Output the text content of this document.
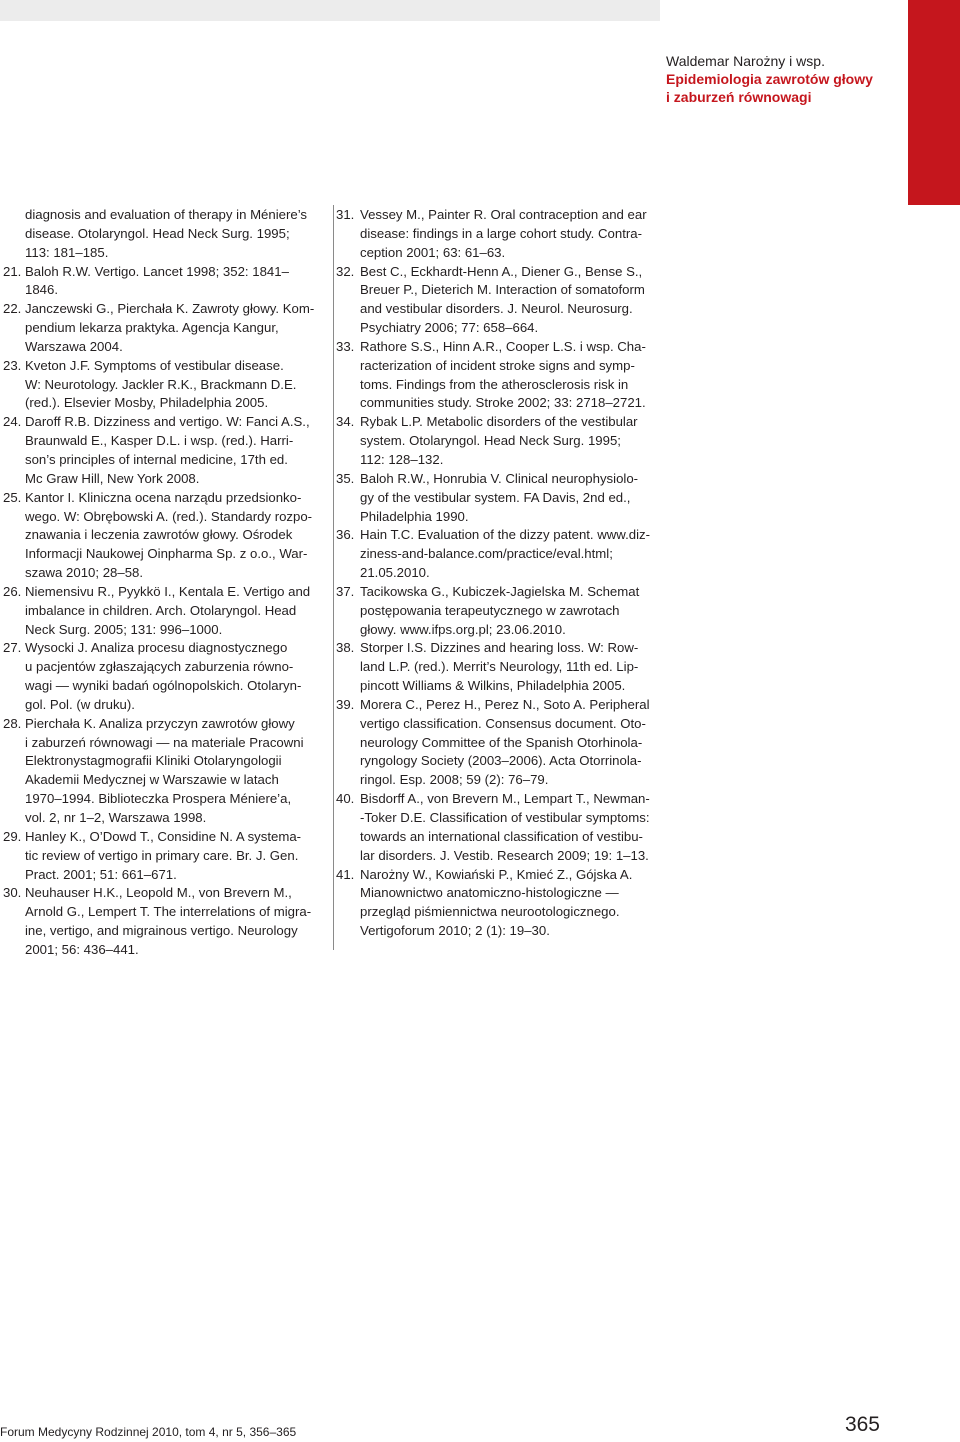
Waldemar Narożny i wsp.
Epidemiologia zawrotów głowy
i zaburzeń równowagi
diagnosis and evaluation of therapy in Méniere’s
disease. Otolaryngol. Head Neck Surg. 1995;
113: 181–185.
21. Baloh R.W. Vertigo. Lancet 1998; 352: 1841–1846.
22. Janczewski G., Pierchała K. Zawroty głowy. Kom-
pendium lekarza praktyka. Agencja Kangur,
Warszawa 2004.
23. Kveton J.F. Symptoms of vestibular disease.
W: Neurotology. Jackler R.K., Brackmann D.E.
(red.). Elsevier Mosby, Philadelphia 2005.
24. Daroff R.B. Dizziness and vertigo. W: Fanci A.S.,
Braunwald E., Kasper D.L. i wsp. (red.). Harri-
son’s principles of internal medicine, 17th ed.
Mc Graw Hill, New York 2008.
25. Kantor I. Kliniczna ocena narządu przedsionko-
wego. W: Obrębowski A. (red.). Standardy rozpo-
znawania i leczenia zawrotów głowy. Ośrodek
Informacji Naukowej Oinpharma Sp. z o.o., War-
szawa 2010; 28–58.
26. Niemensivu R., Pyykkö I., Kentala E. Vertigo and
imbalance in children. Arch. Otolaryngol. Head
Neck Surg. 2005; 131: 996–1000.
27. Wysocki J. Analiza procesu diagnostycznego
u pacjentów zgłaszających zaburzenia równo-
wagi — wyniki badań ogólnopolskich. Otolaryn-
gol. Pol. (w druku).
28. Pierchała K. Analiza przyczyn zawrotów głowy
i zaburzeń równowagi — na materiale Pracowni
Elektronystagmografii Kliniki Otolaryngologii
Akademii Medycznej w Warszawie w latach
1970–1994. Biblioteczka Prospera Méniere’a,
vol. 2, nr 1–2, Warszawa 1998.
29. Hanley K., O’Dowd T., Considine N. A systema-
tic review of vertigo in primary care. Br. J. Gen.
Pract. 2001; 51: 661–671.
30. Neuhauser H.K., Leopold M., von Brevern M.,
Arnold G., Lempert T. The interrelations of migra-
ine, vertigo, and migrainous vertigo. Neurology
2001; 56: 436–441.
31. Vessey M., Painter R. Oral contraception and ear
disease: findings in a large cohort study. Contra-
ception 2001; 63: 61–63.
32. Best C., Eckhardt-Henn A., Diener G., Bense S.,
Breuer P., Dieterich M. Interaction of somatoform
and vestibular disorders. J. Neurol. Neurosurg.
Psychiatry 2006; 77: 658–664.
33. Rathore S.S., Hinn A.R., Cooper L.S. i wsp. Cha-
racterization of incident stroke signs and symp-
toms. Findings from the atherosclerosis risk in
communities study. Stroke 2002; 33: 2718–2721.
34. Rybak L.P. Metabolic disorders of the vestibular
system. Otolaryngol. Head Neck Surg. 1995;
112: 128–132.
35. Baloh R.W., Honrubia V. Clinical neurophysiolo-
gy of the vestibular system. FA Davis, 2nd ed.,
Philadelphia 1990.
36. Hain T.C. Evaluation of the dizzy patent. www.diz-
ziness-and-balance.com/practice/eval.html;
21.05.2010.
37. Tacikowska G., Kubiczek-Jagielska M. Schemat
postępowania terapeutycznego w zawrotach
głowy. www.ifps.org.pl; 23.06.2010.
38. Storper I.S. Dizzines and hearing loss. W: Row-
land L.P. (red.). Merrit’s Neurology, 11th ed. Lip-
pincott Williams & Wilkins, Philadelphia 2005.
39. Morera C., Perez H., Perez N., Soto A. Peripheral
vertigo classification. Consensus document. Oto-
neurology Committee of the Spanish Otorhinola-
ryngology Society (2003–2006). Acta Otorrinola-
ringol. Esp. 2008; 59 (2): 76–79.
40. Bisdorff A., von Brevern M., Lempart T., Newman-
-Toker D.E. Classification of vestibular symptoms:
towards an international classification of vestibu-
lar disorders. J. Vestib. Research 2009; 19: 1–13.
41. Narożny W., Kowiański P., Kmieć Z., Gójska A.
Mianownictwo anatomiczno-histologiczne —
przegląd piśmiennictwa neurootologicznego.
Vertigoforum 2010; 2 (1): 19–30.
Forum Medycyny Rodzinnej 2010, tom 4, nr 5, 356–365	365
